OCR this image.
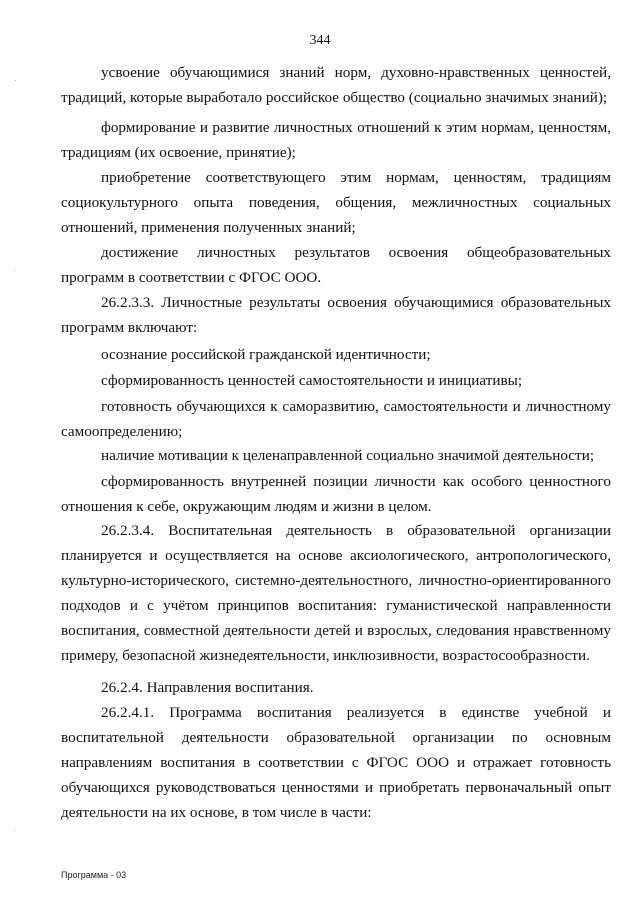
344

усвоение обучающимися знаний норм, духовно-нравственных ценностей, традиций, которые выработало российское общество (социально значимых знаний);

формирование и развитие личностных отношений к этим нормам, ценностям, традициям (их освоение, принятие);

приобретение соответствующего этим нормам, ценностям, традициям социокультурного опыта поведения, общения, межличностных социальных отношений, применения полученных знаний;

достижение личностных результатов освоения общеобразовательных программ в соответствии с ФГОС ООО.

26.2.3.3. Личностные результаты освоения обучающимися образовательных программ включают:

осознание российской гражданской идентичности;

сформированность ценностей самостоятельности и инициативы;

готовность обучающихся к саморазвитию, самостоятельности и личностному самоопределению;

наличие мотивации к целенаправленной социально значимой деятельности;

сформированность внутренней позиции личности как особого ценностного отношения к себе, окружающим людям и жизни в целом.

26.2.3.4. Воспитательная деятельность в образовательной организации планируется и осуществляется на основе аксиологического, антропологического, культурно-исторического, системно-деятельностного, личностно-ориентированного подходов и с учётом принципов воспитания: гуманистической направленности воспитания, совместной деятельности детей и взрослых, следования нравственному примеру, безопасной жизнедеятельности, инклюзивности, возрастосообразности.

26.2.4. Направления воспитания.

26.2.4.1. Программа воспитания реализуется в единстве учебной и воспитательной деятельности образовательной организации по основным направлениям воспитания в соответствии с ФГОС ООО и отражает готовность обучающихся руководствоваться ценностями и приобретать первоначальный опыт деятельности на их основе, в том числе в части:

Программа - 03
